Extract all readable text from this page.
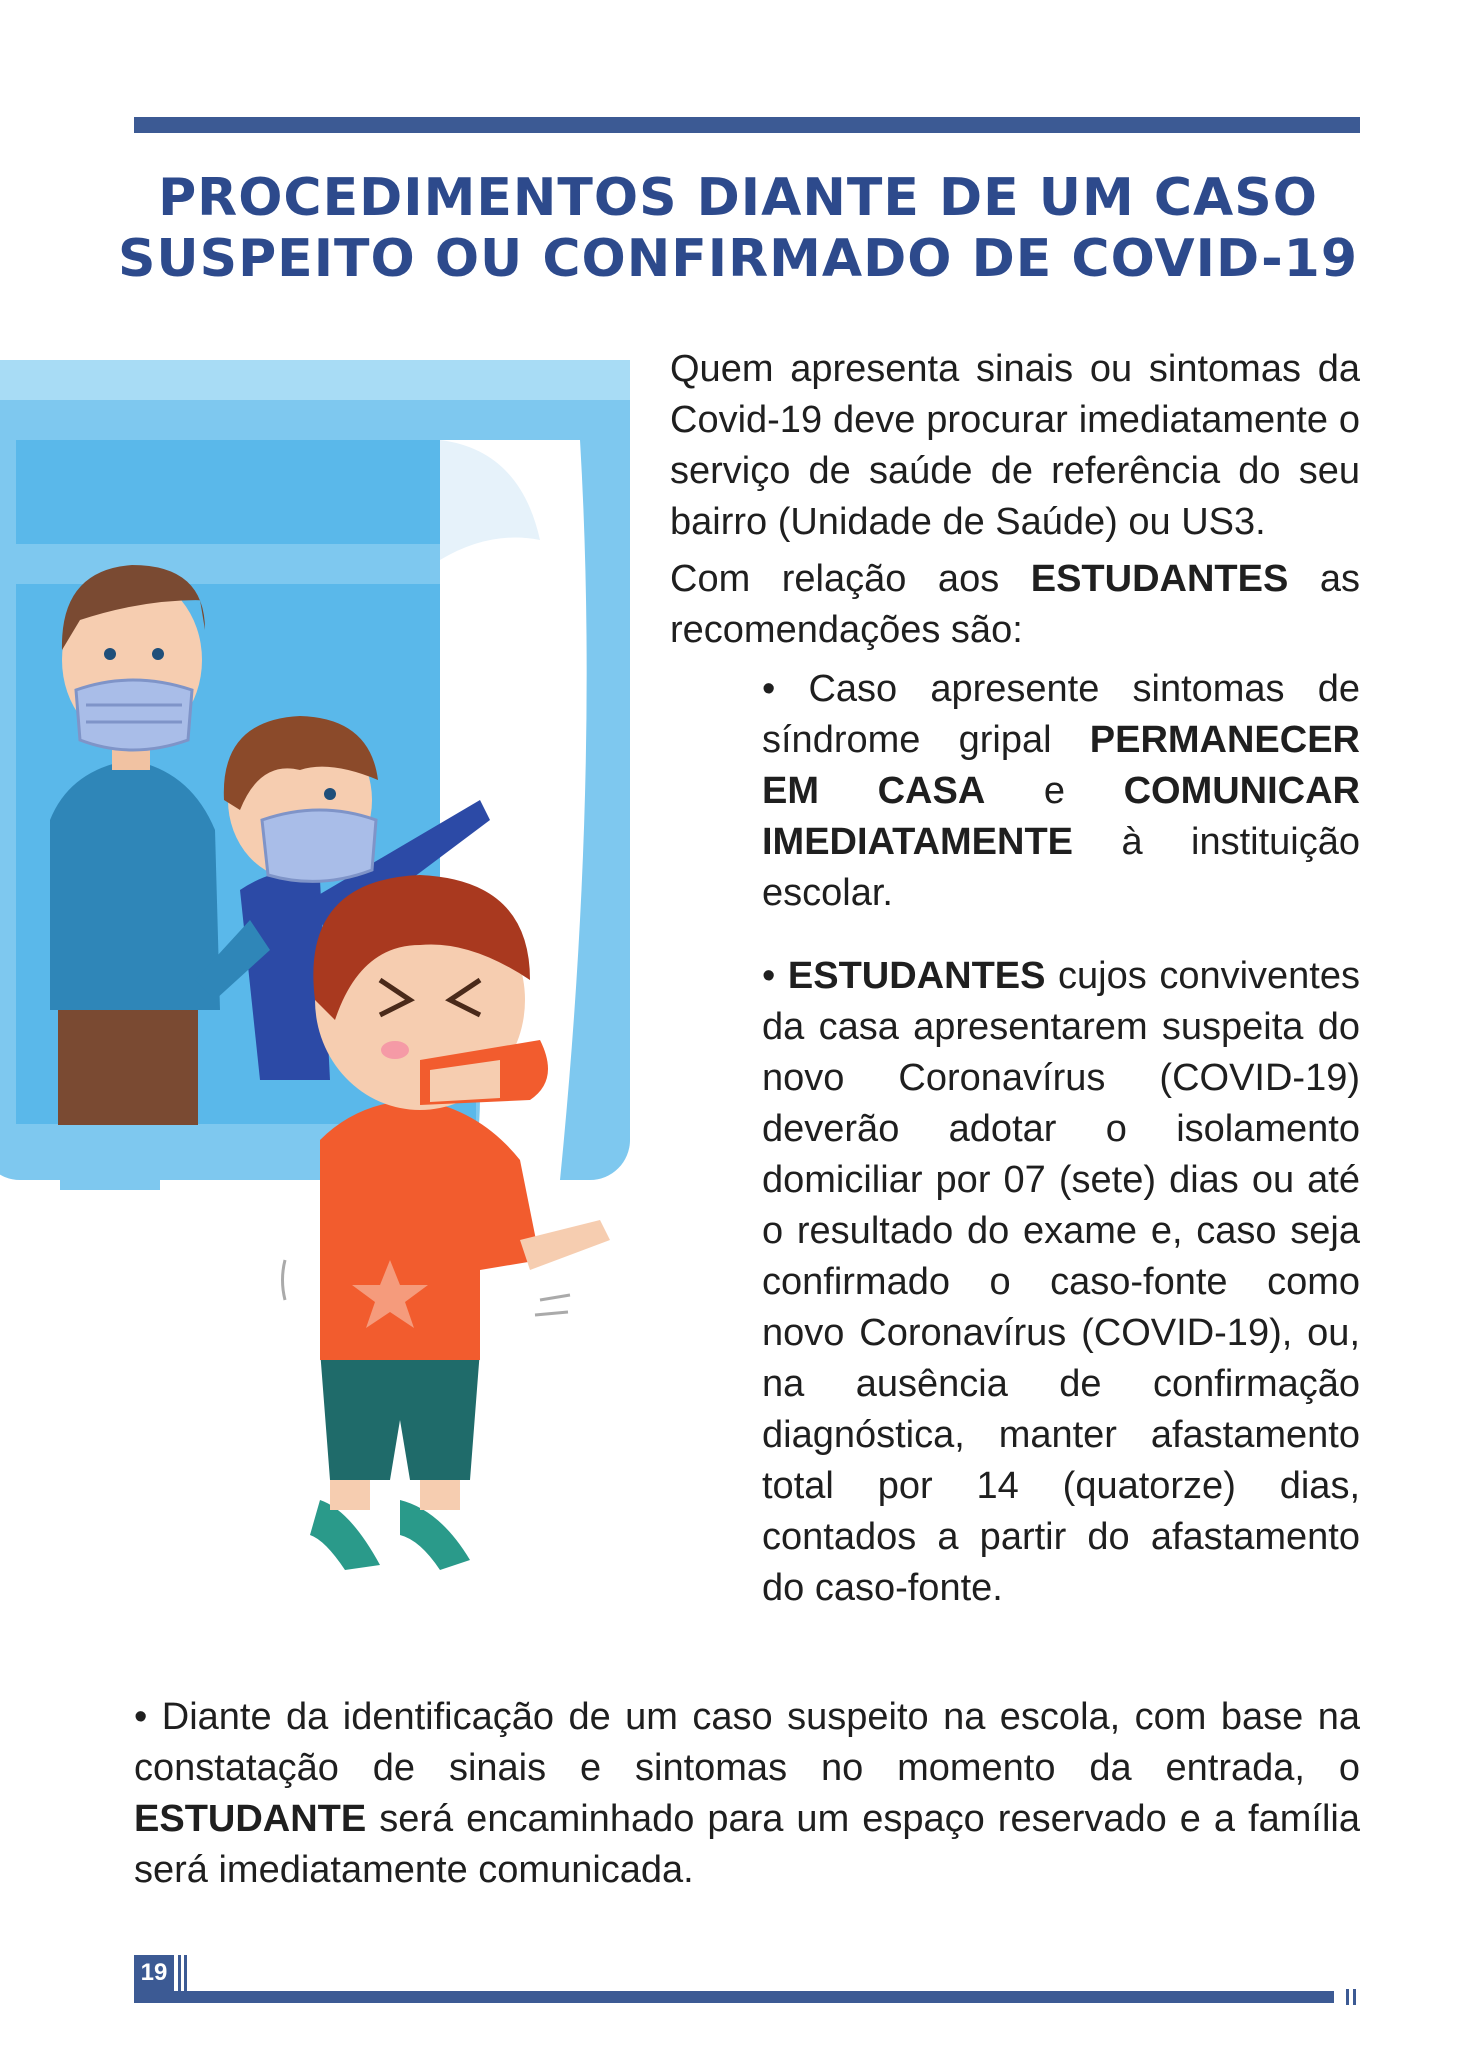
PROCEDIMENTOS DIANTE DE UM CASO
SUSPEITO OU CONFIRMADO DE COVID-19

Quem apresenta sinais ou sintomas da Covid-19 deve procurar imediatamente o serviço de saúde de referência do seu bairro (Unidade de Saúde) ou US3.

Com relação aos ESTUDANTES as recomendações são:

• Caso apresente sintomas de síndrome gripal PERMANECER EM CASA e COMUNICAR IMEDIATAMENTE à instituição escolar.

• ESTUDANTES cujos conviventes da casa apresentarem suspeita do novo Coronavírus (COVID-19) deverão adotar o isolamento domiciliar por 07 (sete) dias ou até o resultado do exame e, caso seja confirmado o caso-fonte como novo Coronavírus (COVID-19), ou, na ausência de confirmação diagnóstica, manter afastamento total por 14 (quatorze) dias, contados a partir do afastamento do caso-fonte.

• Diante da identificação de um caso suspeito na escola, com base na constatação de sinais e sintomas no momento da entrada, o ESTUDANTE será encaminhado para um espaço reservado e a família será imediatamente comunicada.

19
